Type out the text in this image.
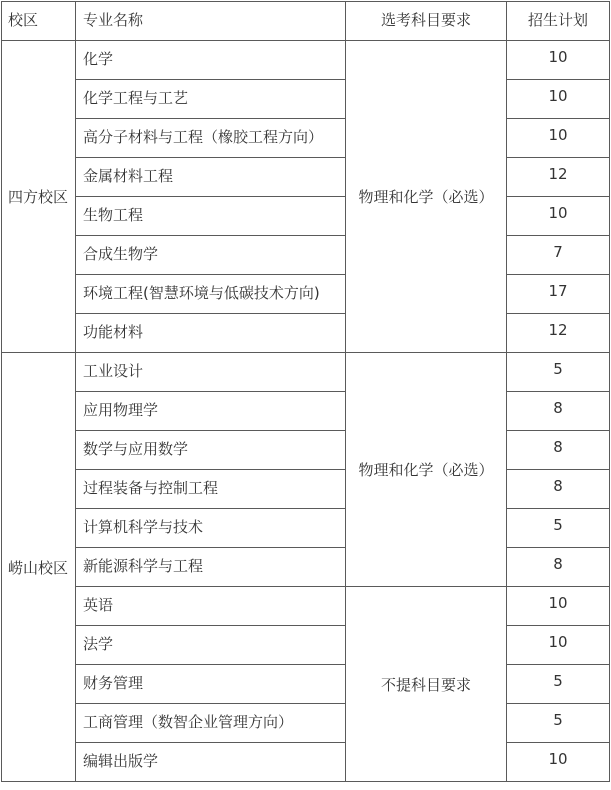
校区	专业名称	选考科目要求	招生计划
四方校区	化学	物理和化学（必选）	10
	化学工程与工艺		10
	高分子材料与工程（橡胶工程方向）		10
	金属材料工程		12
	生物工程		10
	合成生物学		7
	环境工程(智慧环境与低碳技术方向)		17
	功能材料		12
崂山校区	工业设计	物理和化学（必选）	5
	应用物理学		8
	数学与应用数学		8
	过程装备与控制工程		8
	计算机科学与技术		5
	新能源科学与工程		8
	英语	不提科目要求	10
	法学		10
	财务管理		5
	工商管理（数智企业管理方向）		5
	编辑出版学		10
